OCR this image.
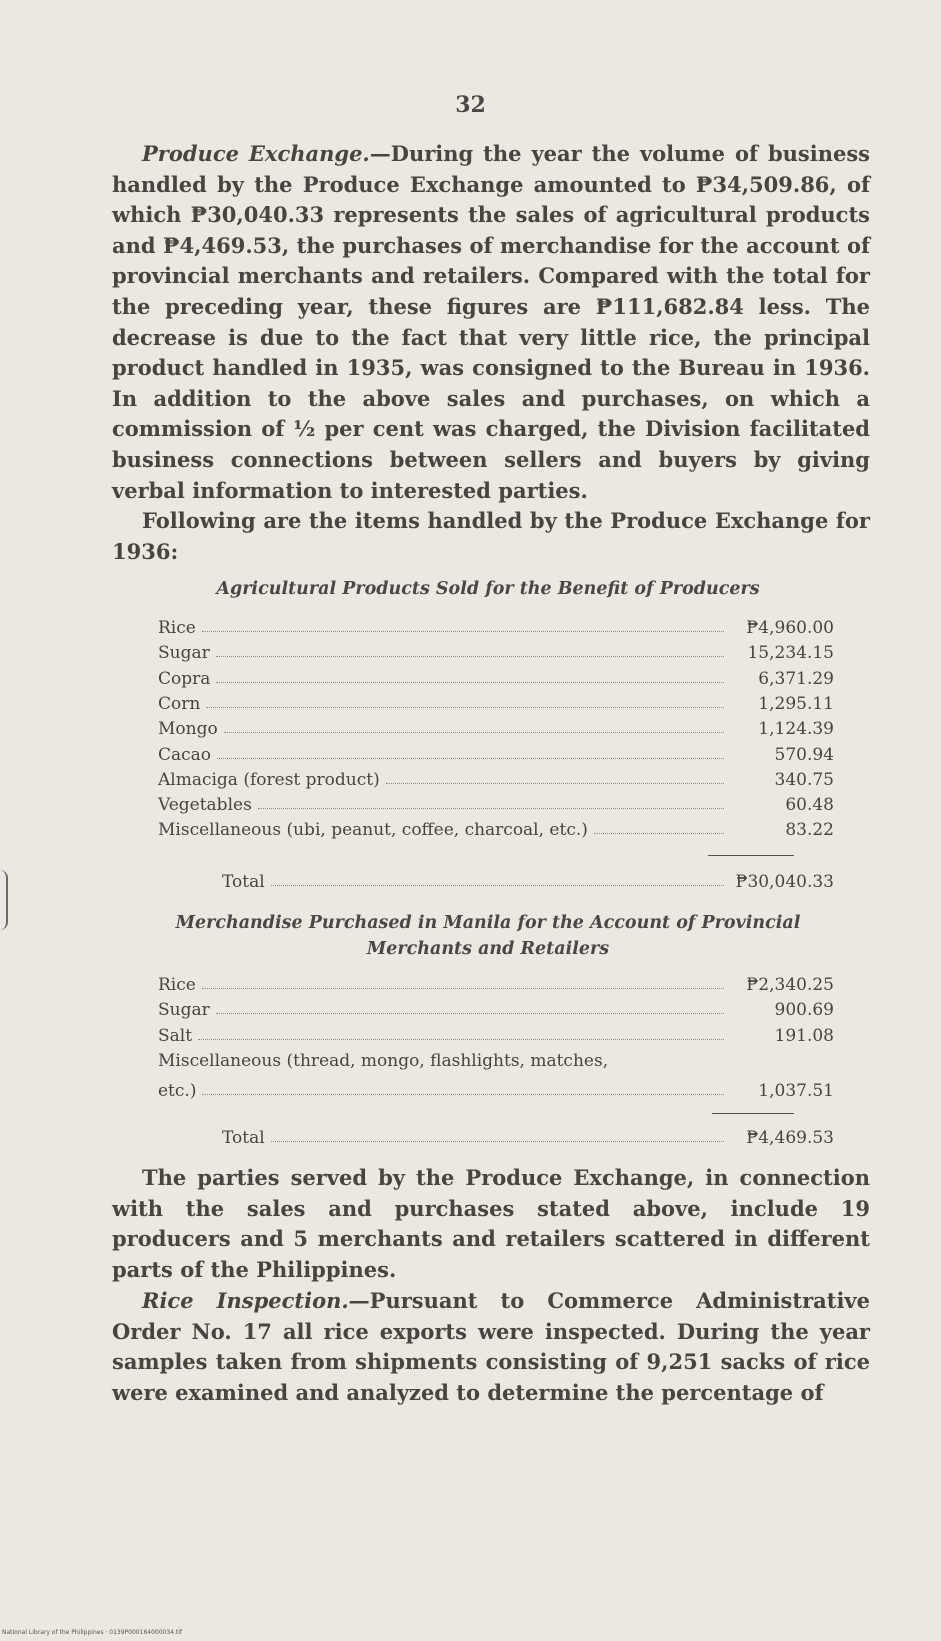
32

Produce Exchange.—During the year the volume of business handled by the Produce Exchange amounted to ₱34,509.86, of which ₱30,040.33 represents the sales of agricultural products and ₱4,469.53, the purchases of merchandise for the account of provincial merchants and retailers. Compared with the total for the preceding year, these figures are ₱111,682.84 less. The decrease is due to the fact that very little rice, the principal product handled in 1935, was consigned to the Bureau in 1936. In addition to the above sales and purchases, on which a commission of ½ per cent was charged, the Division facilitated business connections between sellers and buyers by giving verbal information to interested parties.

Following are the items handled by the Produce Exchange for 1936:

Agricultural Products Sold for the Benefit of Producers
Rice	₱4,960.00
Sugar	15,234.15
Copra	6,371.29
Corn	1,295.11
Mongo	1,124.39
Cacao	570.94
Almaciga (forest product)	340.75
Vegetables	60.48
Miscellaneous (ubi, peanut, coffee, charcoal, etc.)	83.22
Total	₱30,040.33
Merchandise Purchased in Manila for the Account of Provincial
Merchants and Retailers
Rice	₱2,340.25
Sugar	900.69
Salt	191.08
Miscellaneous (thread, mongo, flashlights, matches,
etc.)	1,037.51
Total	₱4,469.53

The parties served by the Produce Exchange, in connection with the sales and purchases stated above, include 19 producers and 5 merchants and retailers scattered in different parts of the Philippines.

Rice Inspection.—Pursuant to Commerce Administrative Order No. 17 all rice exports were inspected. During the year samples taken from shipments consisting of 9,251 sacks of rice were examined and analyzed to determine the percentage of

National Library of the Philippines · 0139P000164000034.tif
